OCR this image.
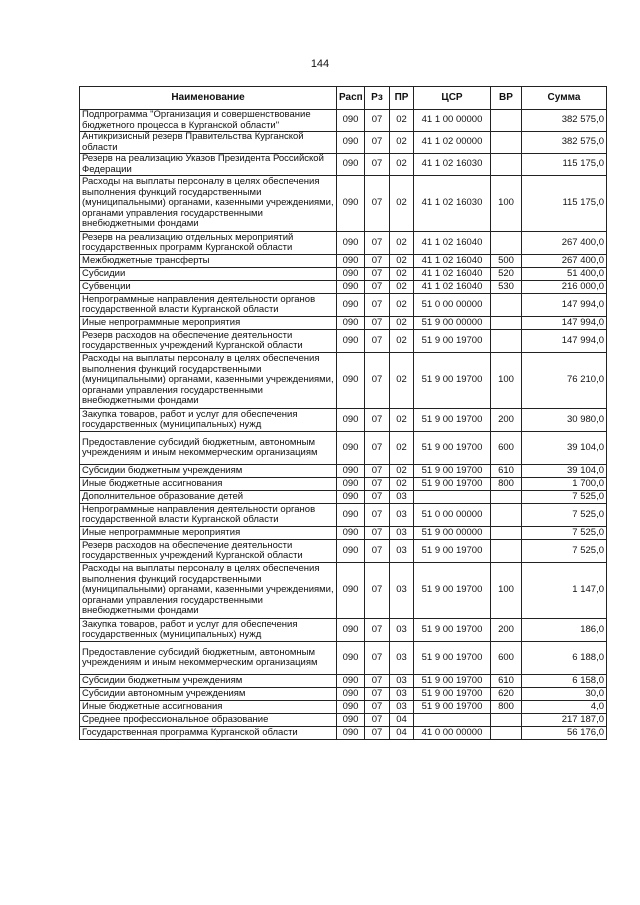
144
Наименование	Расп	Рз	ПР	ЦСР	ВР	Сумма
Подпрограмма "Организация и совершенствование бюджетного процесса в Курганской области"	090	07	02	41 1 00 00000		382 575,0
Антикризисный резерв Правительства Курганской области	090	07	02	41 1 02 00000		382 575,0
Резерв на реализацию Указов Президента Российской Федерации	090	07	02	41 1 02 16030		115 175,0
Расходы на выплаты персоналу в целях обеспечения выполнения функций государственными (муниципальными) органами, казенными учреждениями, органами управления государственными внебюджетными фондами	090	07	02	41 1 02 16030	100	115 175,0
Резерв на реализацию отдельных мероприятий государственных программ Курганской области	090	07	02	41 1 02 16040		267 400,0
Межбюджетные трансферты	090	07	02	41 1 02 16040	500	267 400,0
Субсидии	090	07	02	41 1 02 16040	520	51 400,0
Субвенции	090	07	02	41 1 02 16040	530	216 000,0
Непрограммные направления деятельности органов государственной власти Курганской области	090	07	02	51 0 00 00000		147 994,0
Иные непрограммные мероприятия	090	07	02	51 9 00 00000		147 994,0
Резерв расходов на обеспечение деятельности государственных учреждений Курганской области	090	07	02	51 9 00 19700		147 994,0
Расходы на выплаты персоналу в целях обеспечения выполнения функций государственными (муниципальными) органами, казенными учреждениями, органами управления государственными внебюджетными фондами	090	07	02	51 9 00 19700	100	76 210,0
Закупка товаров, работ и услуг для обеспечения государственных (муниципальных) нужд	090	07	02	51 9 00 19700	200	30 980,0
Предоставление субсидий бюджетным, автономным учреждениям и иным некоммерческим организациям	090	07	02	51 9 00 19700	600	39 104,0
Субсидии бюджетным учреждениям	090	07	02	51 9 00 19700	610	39 104,0
Иные бюджетные ассигнования	090	07	02	51 9 00 19700	800	1 700,0
Дополнительное образование детей	090	07	03			7 525,0
Непрограммные направления деятельности органов государственной власти Курганской области	090	07	03	51 0 00 00000		7 525,0
Иные непрограммные мероприятия	090	07	03	51 9 00 00000		7 525,0
Резерв расходов на обеспечение деятельности государственных учреждений Курганской области	090	07	03	51 9 00 19700		7 525,0
Расходы на выплаты персоналу в целях обеспечения выполнения функций государственными (муниципальными) органами, казенными учреждениями, органами управления государственными внебюджетными фондами	090	07	03	51 9 00 19700	100	1 147,0
Закупка товаров, работ и услуг для обеспечения государственных (муниципальных) нужд	090	07	03	51 9 00 19700	200	186,0
Предоставление субсидий бюджетным, автономным учреждениям и иным некоммерческим организациям	090	07	03	51 9 00 19700	600	6 188,0
Субсидии бюджетным учреждениям	090	07	03	51 9 00 19700	610	6 158,0
Субсидии автономным учреждениям	090	07	03	51 9 00 19700	620	30,0
Иные бюджетные ассигнования	090	07	03	51 9 00 19700	800	4,0
Среднее профессиональное образование	090	07	04			217 187,0
Государственная программа Курганской области	090	07	04	41 0 00 00000		56 176,0
